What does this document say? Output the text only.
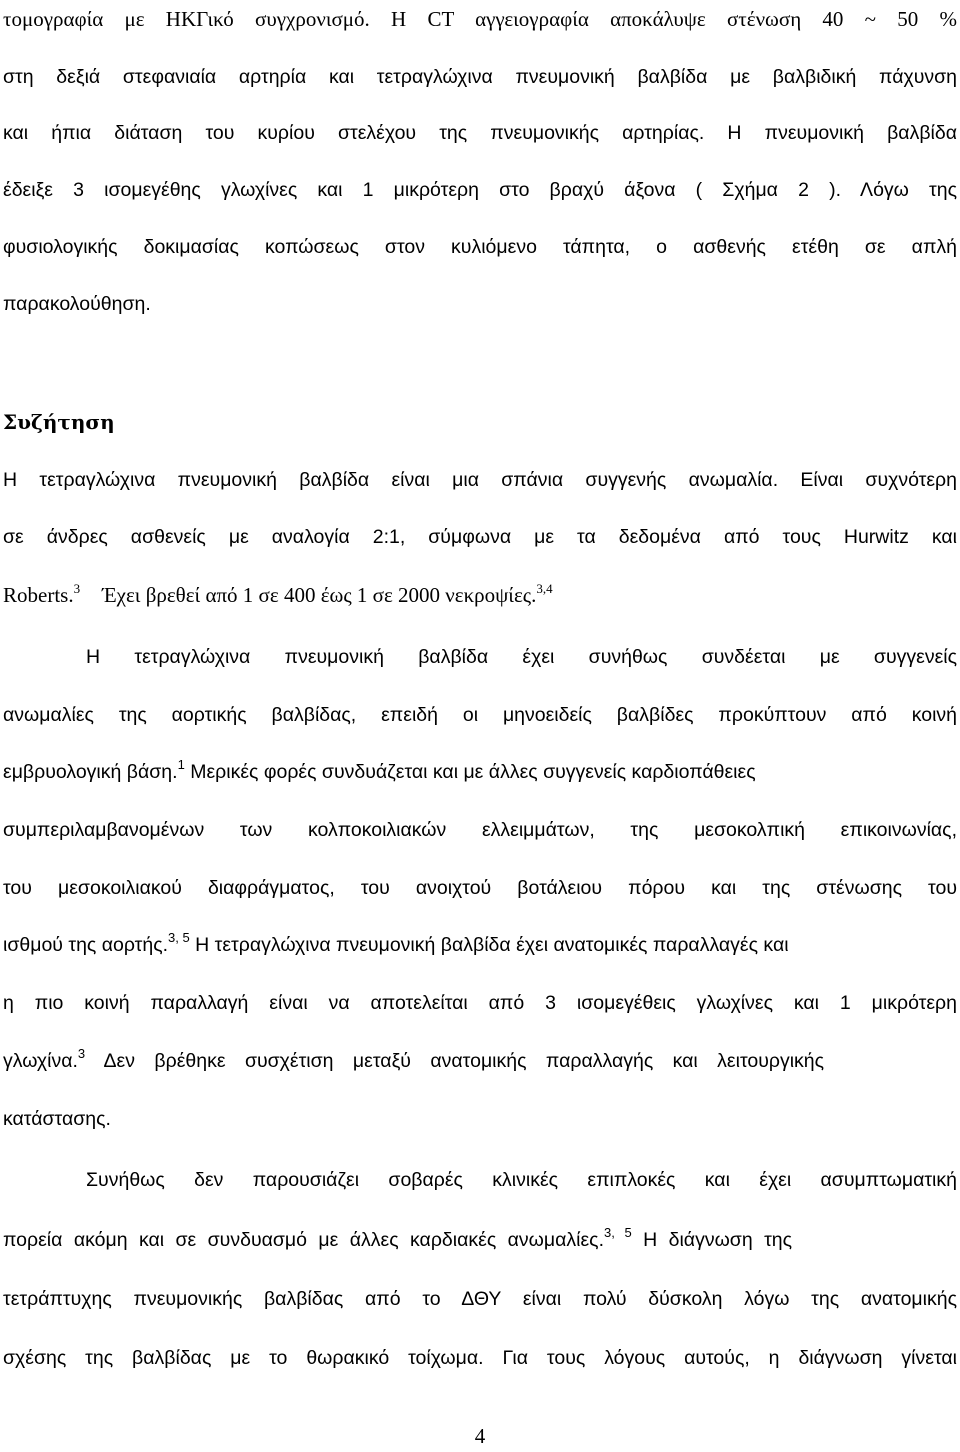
τομογραφία με ΗΚΓικό συγχρονισμό. Η CT αγγειογραφία αποκάλυψε στένωση 40 ~ 50 %
στη δεξιά στεφανιαία αρτηρία και τετραγλώχινα πνευμονική βαλβίδα με βαλβιδική πάχυνση
και ήπια διάταση του κυρίου στελέχου της πνευμονικής αρτηρίας. Η πνευμονική βαλβίδα
έδειξε 3 ισομεγέθης γλωχίνες και 1 μικρότερη στο βραχύ άξονα ( Σχήμα 2 ). Λόγω της
φυσιολογικής δοκιμασίας κοπώσεως στον κυλιόμενο τάπητα, ο ασθενής ετέθη σε απλή
παρακολούθηση.
Συζήτηση
Η τετραγλώχινα πνευμονική βαλβίδα είναι μια σπάνια συγγενής ανωμαλία. Είναι συχνότερη
σε άνδρες ασθενείς με αναλογία 2:1, σύμφωνα με τα δεδομένα από τους Hurwitz και
Roberts.$^3$ Έχει βρεθεί από 1 σε 400 έως 1 σε 2000 νεκροψίες.$^{3,4}$
Η τετραγλώχινα πνευμονική βαλβίδα έχει συνήθως συνδέεται με συγγενείς
ανωμαλίες της αορτικής βαλβίδας, επειδή οι μηνοειδείς βαλβίδες προκύπτουν από κοινή
εμβρυολογική βάση.$^1$ Μερικές φορές συνδυάζεται και με άλλες συγγενείς καρδιοπάθειες
συμπεριλαμβανομένων των κολποκοιλιακών ελλειμμάτων, της μεσοκολπική επικοινωνίας,
του μεσοκοιλιακού διαφράγματος, του ανοιχτού βοτάλειου πόρου και της στένωσης του
ισθμού της αορτής.$^{3, 5}$ Η τετραγλώχινα πνευμονική βαλβίδα έχει ανατομικές παραλλαγές και
η πιο κοινή παραλλαγή είναι να αποτελείται από 3 ισομεγέθεις γλωχίνες και 1 μικρότερη
γλωχίνα.$^3$ Δεν βρέθηκε συσχέτιση μεταξύ ανατομικής παραλλαγής και λειτουργικής
κατάστασης.
Συνήθως δεν παρουσιάζει σοβαρές κλινικές επιπλοκές και έχει ασυμπτωματική
πορεία ακόμη και σε συνδυασμό με άλλες καρδιακές ανωμαλίες.$^{3, 5}$ Η διάγνωση της
τετράπτυχης πνευμονικής βαλβίδας από το ΔΘΥ είναι πολύ δύσκολη λόγω της ανατομικής
σχέσης της βαλβίδας με το θωρακικό τοίχωμα. Για τους λόγους αυτούς, η διάγνωση γίνεται
4
